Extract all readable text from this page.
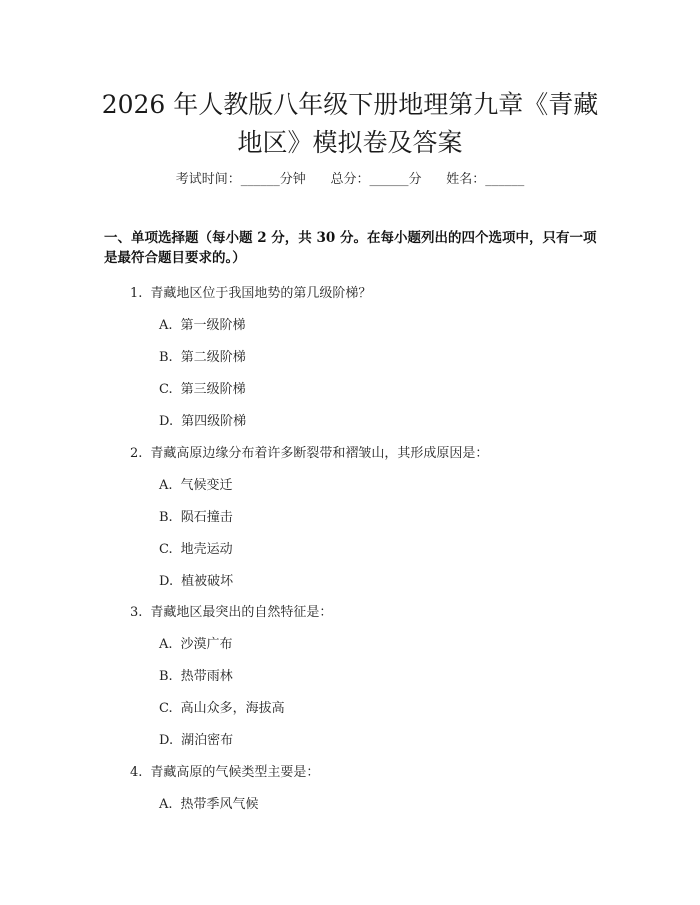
2026 年人教版八年级下册地理第九章《青藏
地区》模拟卷及答案
考试时间：______分钟      总分：______分      姓名：______
一、单项选择题（每小题 2 分，共 30 分。在每小题列出的四个选项中，只有一项
是最符合题目要求的。）
1. 青藏地区位于我国地势的第几级阶梯？
A. 第一级阶梯
B. 第二级阶梯
C. 第三级阶梯
D. 第四级阶梯
2. 青藏高原边缘分布着许多断裂带和褶皱山，其形成原因是：
A. 气候变迁
B. 陨石撞击
C. 地壳运动
D. 植被破坏
3. 青藏地区最突出的自然特征是：
A. 沙漠广布
B. 热带雨林
C. 高山众多，海拔高
D. 湖泊密布
4. 青藏高原的气候类型主要是：
A. 热带季风气候
